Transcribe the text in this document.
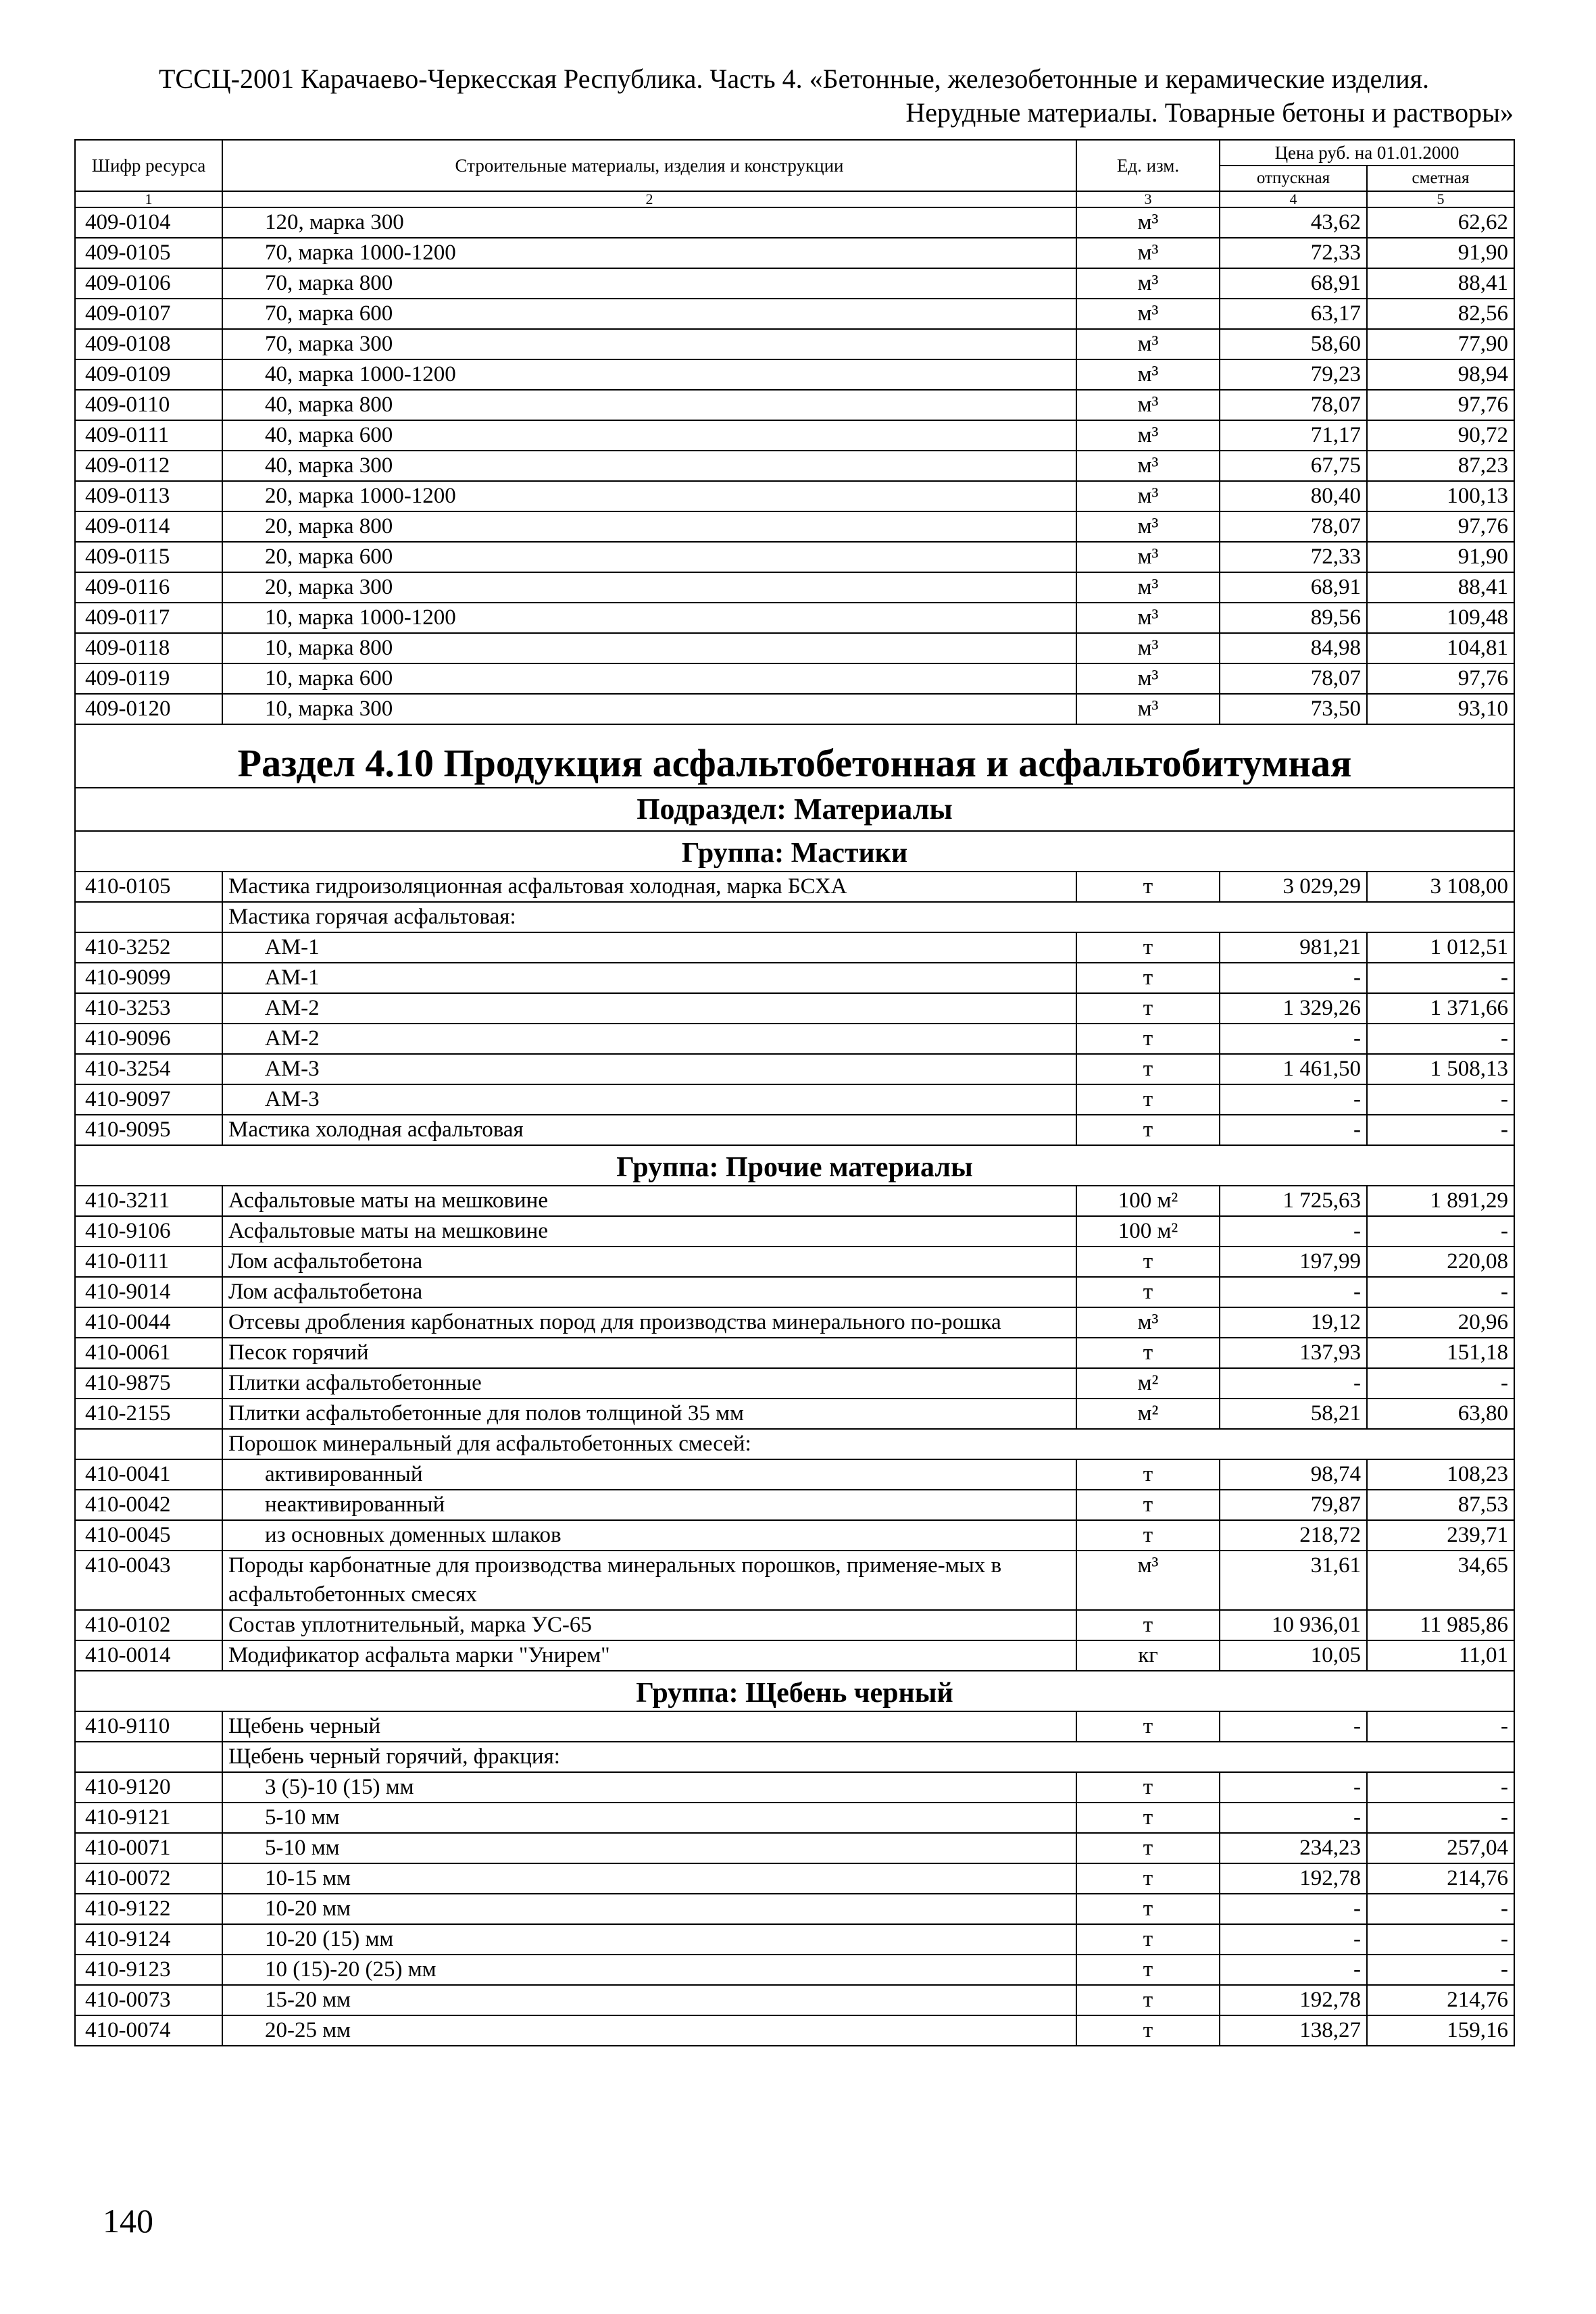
ТССЦ-2001 Карачаево-Черкесская Республика. Часть 4. «Бетонные, железобетонные и керамические изделия.
Нерудные материалы. Товарные бетоны и растворы»
Шифр ресурса	Строительные материалы, изделия и конструкции	Ед. изм.	Цена руб. на 01.01.2000	
			отпускная	сметная
1	2	3	4	5
409-0104	120, марка 300	м³	43,62	62,62
409-0105	70, марка 1000-1200	м³	72,33	91,90
409-0106	70, марка 800	м³	68,91	88,41
409-0107	70, марка 600	м³	63,17	82,56
409-0108	70, марка 300	м³	58,60	77,90
409-0109	40, марка 1000-1200	м³	79,23	98,94
409-0110	40, марка 800	м³	78,07	97,76
409-0111	40, марка 600	м³	71,17	90,72
409-0112	40, марка 300	м³	67,75	87,23
409-0113	20, марка 1000-1200	м³	80,40	100,13
409-0114	20, марка 800	м³	78,07	97,76
409-0115	20, марка 600	м³	72,33	91,90
409-0116	20, марка 300	м³	68,91	88,41
409-0117	10, марка 1000-1200	м³	89,56	109,48
409-0118	10, марка 800	м³	84,98	104,81
409-0119	10, марка 600	м³	78,07	97,76
409-0120	10, марка 300	м³	73,50	93,10
Раздел 4.10 Продукция асфальтобетонная и асфальтобитумная				
Подраздел: Материалы				
Группа: Мастики				
410-0105	Мастика гидроизоляционная асфальтовая холодная, марка БСХА	т	3 029,29	3 108,00
	Мастика горячая асфальтовая:			
410-3252	АМ-1	т	981,21	1 012,51
410-9099	АМ-1	т	-	-
410-3253	АМ-2	т	1 329,26	1 371,66
410-9096	АМ-2	т	-	-
410-3254	АМ-3	т	1 461,50	1 508,13
410-9097	АМ-3	т	-	-
410-9095	Мастика холодная асфальтовая	т	-	-
Группа: Прочие материалы				
410-3211	Асфальтовые маты на мешковине	100 м²	1 725,63	1 891,29
410-9106	Асфальтовые маты на мешковине	100 м²	-	-
410-0111	Лом асфальтобетона	т	197,99	220,08
410-9014	Лом асфальтобетона	т	-	-
410-0044	Отсевы дробления карбонатных пород для производства минерального по-рошка	м³	19,12	20,96
410-0061	Песок горячий	т	137,93	151,18
410-9875	Плитки асфальтобетонные	м²	-	-
410-2155	Плитки асфальтобетонные для полов толщиной 35 мм	м²	58,21	63,80
	Порошок минеральный для асфальтобетонных смесей:			
410-0041	активированный	т	98,74	108,23
410-0042	неактивированный	т	79,87	87,53
410-0045	из основных доменных шлаков	т	218,72	239,71
410-0043	Породы карбонатные для производства минеральных порошков, применяе-мых в асфальтобетонных смесях	м³	31,61	34,65
410-0102	Состав уплотнительный, марка УС-65	т	10 936,01	11 985,86
410-0014	Модификатор асфальта марки "Унирем"	кг	10,05	11,01
Группа: Щебень черный				
410-9110	Щебень черный	т	-	-
	Щебень черный горячий, фракция:			
410-9120	3 (5)-10 (15) мм	т	-	-
410-9121	5-10 мм	т	-	-
410-0071	5-10 мм	т	234,23	257,04
410-0072	10-15 мм	т	192,78	214,76
410-9122	10-20 мм	т	-	-
410-9124	10-20 (15) мм	т	-	-
410-9123	10 (15)-20 (25) мм	т	-	-
410-0073	15-20 мм	т	192,78	214,76
410-0074	20-25 мм	т	138,27	159,16
140
